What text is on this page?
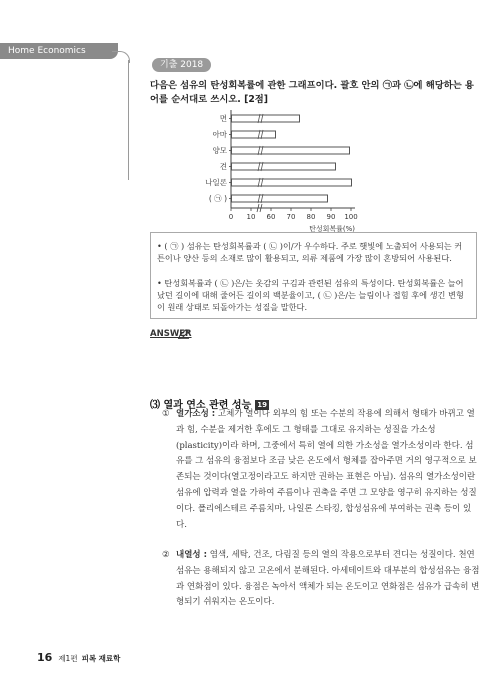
Home Economics
기출 2018
다음은 섬유의 탄성회복률에 관한 그래프이다. 괄호 안의 ㉠과 ㉡에 해당하는 용어를 순서대로 쓰시오. [2점]
면
아마
양모
견
나일론
( ㉠ )
0 10 60 70 80 90 100
탄성회복률(%)
• ( ㉠ ) 섬유는 탄성회복률과 ( ㉡ )이/가 우수하다. 주로 햇빛에 노출되어 사용되는 커튼이나 양산 등의 소재로 많이 활용되고, 의류 제품에 가장 많이 혼방되어 사용된다.
• 탄성회복률과 ( ㉡ )은/는 옷감의 구김과 관련된 섬유의 특성이다. 탄성회복률은 늘어났던 길이에 대해 줄어든 길이의 백분율이고, ( ㉡ )은/는 늘림이나 접힘 후에 생긴 변형이 원래 상태로 되돌아가는 성질을 말한다.
ANSWER
⑶ 열과 연소 관련 성능 19
① 열가소성 : 고체가 열이나 외부의 힘 또는 수분의 작용에 의해서 형태가 바뀌고 열과 힘, 수분을 제거한 후에도 그 형태를 그대로 유지하는 성질을 가소성(plasticity)이라 하며, 그중에서 특히 열에 의한 가소성을 열가소성이라 한다. 섬유를 그 섬유의 융점보다 조금 낮은 온도에서 형체를 잡아주면 거의 영구적으로 보존되는 것이다(열고정이라고도 하지만 권하는 표현은 아님). 섬유의 열가소성이란 섬유에 압력과 열을 가하여 주름이나 권축을 주면 그 모양을 영구히 유지하는 성질이다. 폴리에스테르 주름치마, 나일론 스타킹, 합성섬유에 부여하는 권축 등이 있다.
② 내열성 : 염색, 세탁, 건조, 다림질 등의 열의 작용으로부터 견디는 성질이다. 천연섬유는 용해되지 않고 고온에서 분해된다. 아세테이트와 대부분의 합성섬유는 융점과 연화점이 있다. 융점은 녹아서 액체가 되는 온도이고 연화점은 섬유가 급속히 변형되기 쉬워지는 온도이다.
16 제1편 피복 재료학
